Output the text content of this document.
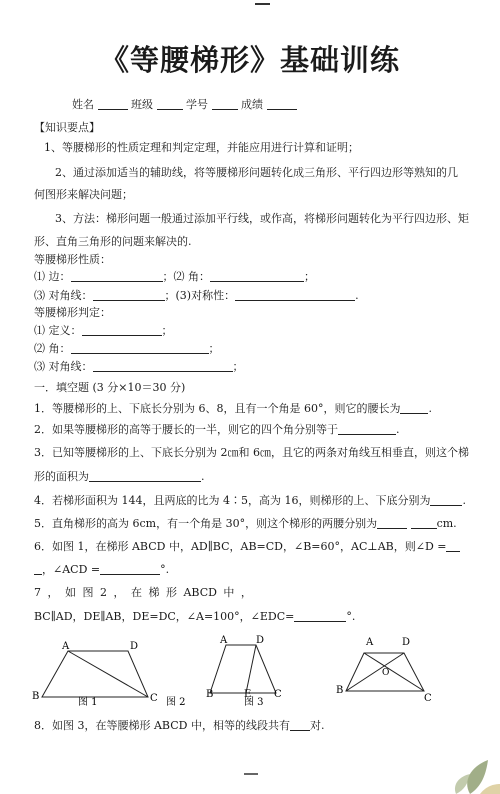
《等腰梯形》基础训练
姓名	班级	学号	成绩
【知识要点】
1、等腰梯形的性质定理和判定定理，并能应用进行计算和证明；
2、通过添加适当的辅助线，将等腰梯形问题转化成三角形、平行四边形等熟知的几
何图形来解决问题；
3、方法：梯形问题一般通过添加平行线，或作高，将梯形问题转化为平行四边形、矩
形、直角三角形的问题来解决的.
等腰梯形性质：
⑴ 边：	；⑵ 角：	；
⑶ 对角线：	；(3)对称性：	.
等腰梯形判定：
⑴ 定义：	；
⑵ 角：	；
⑶ 对角线：	；
一．填空题 (3 分×10＝30 分)
1．等腰梯形的上、下底长分别为 6、8，且有一个角是 60°，则它的腰长为	.
2．如果等腰梯形的高等于腰长的一半，则它的四个角分别等于	.
3．已知等腰梯形的上、下底长分别为 2㎝和 6㎝，且它的两条对角线互相垂直，则这个梯
形的面积为	.
4．若梯形面积为 144，且两底的比为 4∶5，高为 16，则梯形的上、下底分别为	.
5．直角梯形的高为 6cm，有一个角是 30°，则这个梯形的两腰分别为	cm.
6．如图 1，在梯形 ABCD 中，AD∥BC，AB=CD，∠B=60°，AC⊥AB，则∠D =
，∠ACD =	°.
7 ， 如 图 2 ， 在 梯 形 ABCD 中 ，
BC∥AD，DE∥AB，DE=DC，∠A=100°，∠EDC=	°.
A	D
B	C
图 1
A	D
B	E C
图 2	图 3
A	D
B
O
C
8．如图 3，在等腰梯形 ABCD 中，相等的线段共有 对.
